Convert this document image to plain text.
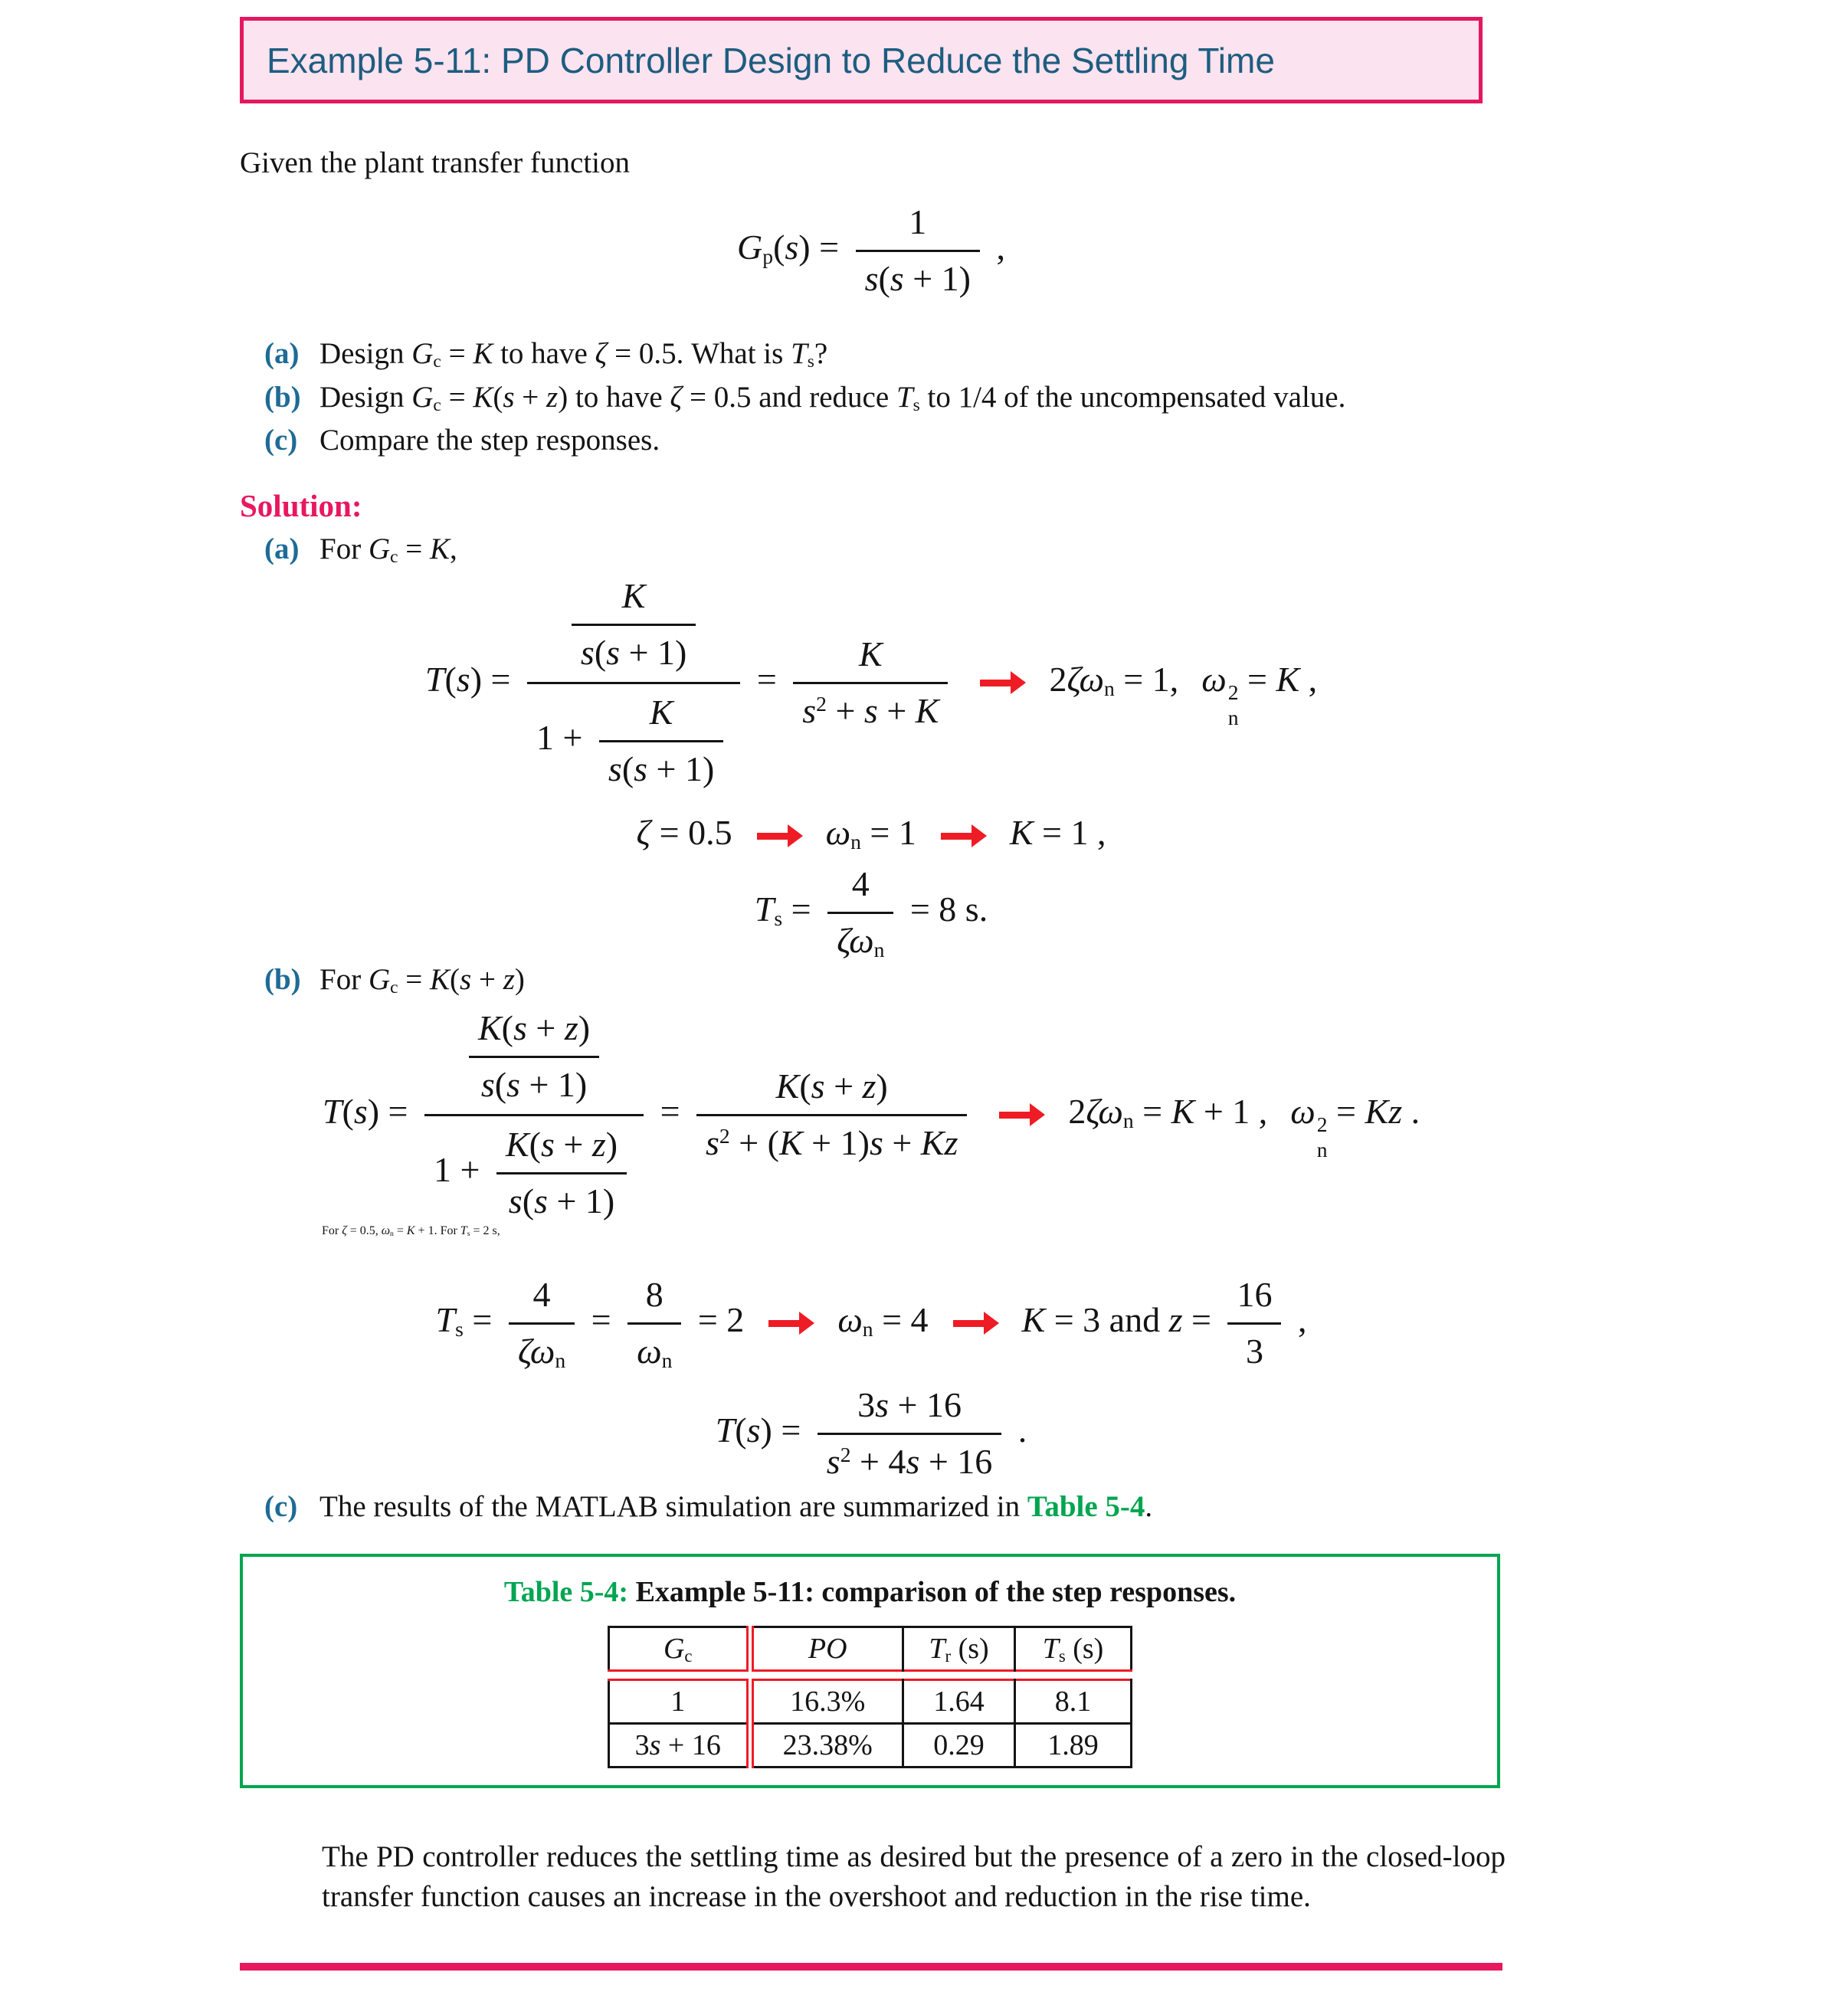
Example 5-11: PD Controller Design to Reduce the Settling Time

Given the plant transfer function

$G_p(s) = \frac{1}{s(s + 1)}$ ,
(a) Design $G_c = K$ to have ζ = 0.5. What is $T_s$?
(b) Design $G_c = K(s + z)$ to have ζ = 0.5 and reduce $T_s$ to 1/4 of the uncompensated value.
(c) Compare the step responses.

Solution:

(a) For $G_c = K$,
$T(s) = \frac{\frac{K}{s(s + 1)}}{1 + \frac{K}{s(s + 1)}} = \frac{K}{s^2 + s + K}$	$2\zeta\omega_n = 1$, ω 2
n
= K ,
ζ = 0.5	$\omega_n = 1$	K = 1 ,
$T_s = \frac{4}{\zeta\omega_n} = 8$ s.
(b) For $G_c = K(s + z)$
$T(s) = \frac{\frac{K(s + z)}{s(s + 1)}}{1 + \frac{K(s + z)}{s(s + 1)}} = \frac{K(s + z)}{s^2 + (K + 1)s + Kz}$	$2\zeta\omega_n = K + 1$ , ω 2
n
= Kz .

For ζ = 0.5, $\omega_n = K + 1$. For $T_s = 2$ s,

$T_s = \frac{4}{\zeta\omega_n} = \frac{8}{\omega_n} = 2$	$\omega_n = 4$	K = 3 and $z = \frac{16}{3}$ ,
$T(s) = \frac{3s + 16}{s^2 + 4s + 16}$ .
(c) The results of the MATLAB simulation are summarized in Table 5-4.

Table 5-4: Example 5-11: comparison of the step responses.

$G_c$	PO	$T_r$ (s)	$T_s$ (s)
1	16.3%	1.64	8.1
3s + 16	23.38%	0.29	1.89

The PD controller reduces the settling time as desired but the presence of a zero in the closed-loop transfer function causes an increase in the overshoot and reduction in the rise time.
